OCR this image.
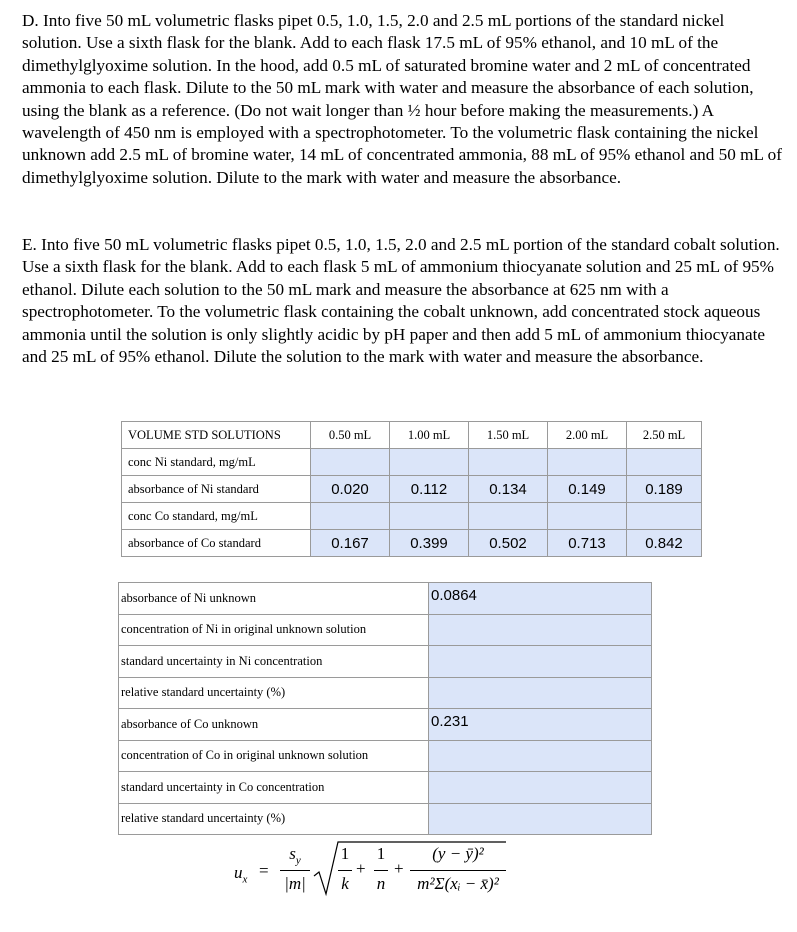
D. Into five 50 mL volumetric flasks pipet 0.5, 1.0, 1.5, 2.0 and 2.5 mL portions of the standard nickel solution. Use a sixth flask for the blank. Add to each flask 17.5 mL of 95% ethanol, and 10 mL of the dimethylglyoxime solution. In the hood, add 0.5 mL of saturated bromine water and 2 mL of concentrated ammonia to each flask. Dilute to the 50 mL mark with water and measure the absorbance of each solution, using the blank as a reference. (Do not wait longer than ½ hour before making the measurements.) A wavelength of 450 nm is employed with a spectrophotometer. To the volumetric flask containing the nickel unknown add 2.5 mL of bromine water, 14 mL of concentrated ammonia, 88 mL of 95% ethanol and 50 mL of dimethylglyoxime solution. Dilute to the mark with water and measure the absorbance.

E. Into five 50 mL volumetric flasks pipet 0.5, 1.0, 1.5, 2.0 and 2.5 mL portion of the standard cobalt solution. Use a sixth flask for the blank. Add to each flask 5 mL of ammonium thiocyanate solution and 25 mL of 95% ethanol. Dilute each solution to the 50 mL mark and measure the absorbance at 625 nm with a spectrophotometer. To the volumetric flask containing the cobalt unknown, add concentrated stock aqueous ammonia until the solution is only slightly acidic by pH paper and then add 5 mL of ammonium thiocyanate and 25 mL of 95% ethanol. Dilute the solution to the mark with water and measure the absorbance.

VOLUME STD SOLUTIONS	0.50 mL	1.00 mL	1.50 mL	2.00 mL	2.50 mL
conc Ni standard, mg/mL					
absorbance of Ni standard	0.020	0.112	0.134	0.149	0.189
conc Co standard, mg/mL					
absorbance of Co standard	0.167	0.399	0.502	0.713	0.842
absorbance of Ni unknown	0.0864
concentration of Ni in original unknown solution	
standard uncertainty in Ni concentration	
relative standard uncertainty (%)	
absorbance of Co unknown	0.231
concentration of Co in original unknown solution	
standard uncertainty in Co concentration	
relative standard uncertainty (%)	
$u_x$ =
$s_y$
|m|
1
k
+
1
n
+
(y − ȳ)²
m²Σ(xᵢ − x̄)²
